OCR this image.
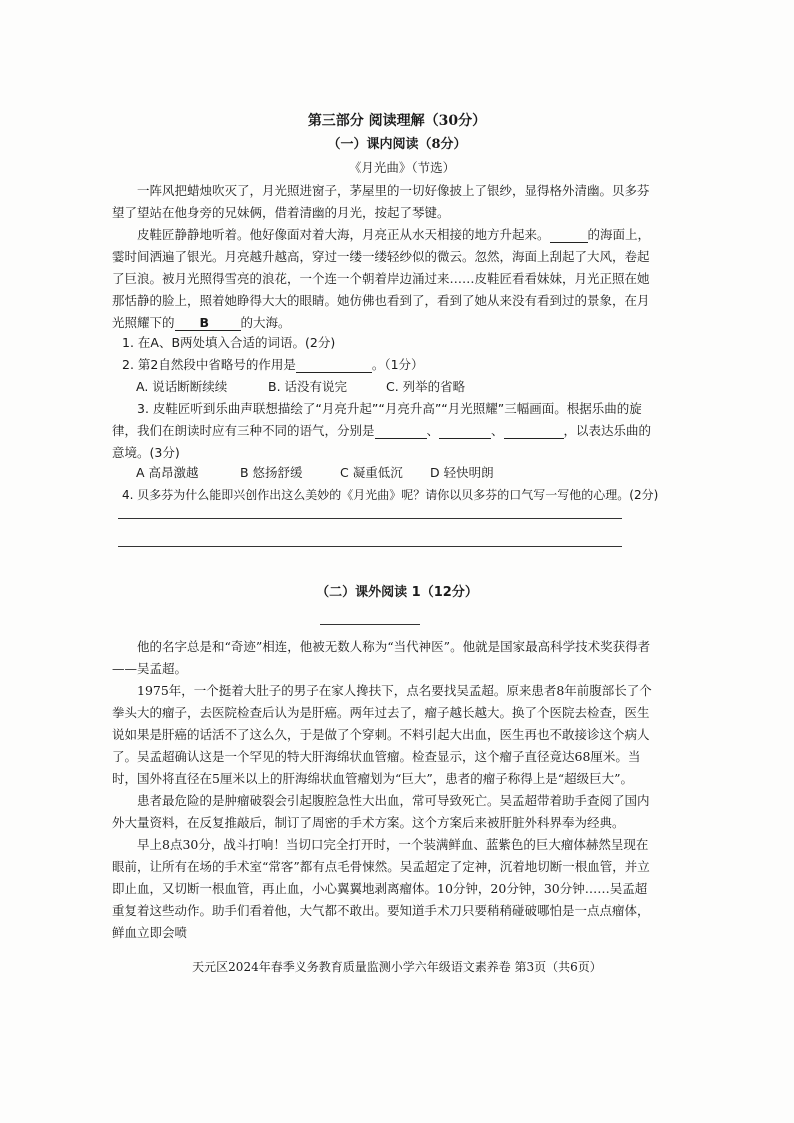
第三部分 阅读理解（30分）
（一）课内阅读（8分）
《月光曲》（节选）

一阵风把蜡烛吹灭了，月光照进窗子，茅屋里的一切好像披上了银纱，显得格外清幽。贝多芬望了望站在他身旁的兄妹俩，借着清幽的月光，按起了琴键。

皮鞋匠静静地听着。他好像面对着大海，月亮正从水天相接的地方升起来。	的海面上，霎时间洒遍了银光。月亮越升越高，穿过一缕一缕轻纱似的微云。忽然，海面上刮起了大风，卷起了巨浪。被月光照得雪亮的浪花，一个连一个朝着岸边涌过来……皮鞋匠看看妹妹，月光正照在她那恬静的脸上，照着她睁得大大的眼睛。她仿佛也看到了，看到了她从来没有看到过的景象，在月光照耀下的 B	的大海。

1. 在A、B两处填入合适的词语。(2分)
2. 第2自然段中省略号的作用是	。（1分）
A. 说话断断续续	B. 话没有说完	C. 列举的省略
3. 皮鞋匠听到乐曲声联想描绘了“月亮升起”“月亮升高”“月光照耀”三幅画面。根据乐曲的旋律，我们在朗读时应有三种不同的语气，分别是	、	、	，以表达乐曲的意境。(3分)
A 高昂激越	B 悠扬舒缓	C 凝重低沉 D 轻快明朗
4. 贝多芬为什么能即兴创作出这么美妙的《月光曲》呢？请你以贝多芬的口气写一写他的心理。(2分)
（二）课外阅读 1（12分）

他的名字总是和“奇迹”相连，他被无数人称为“当代神医”。他就是国家最高科学技术奖获得者——吴孟超。

1975年，一个挺着大肚子的男子在家人搀扶下，点名要找吴孟超。原来患者8年前腹部长了个拳头大的瘤子，去医院检查后认为是肝癌。两年过去了，瘤子越长越大。换了个医院去检查，医生说如果是肝癌的话活不了这么久，于是做了个穿刺。不料引起大出血，医生再也不敢接诊这个病人了。 吴孟超确认这是一个罕见的特大肝海绵状血管瘤。检查显示，这个瘤子直径竟达68厘米。当时，国外将直径在5厘米以上的肝海绵状血管瘤划为“巨大”，患者的瘤子称得上是“超级巨大”。

患者最危险的是肿瘤破裂会引起腹腔急性大出血，常可导致死亡。吴孟超带着助手查阅了国内外大量资料，在反复推敲后，制订了周密的手术方案。这个方案后来被肝脏外科界奉为经典。

早上8点30分，战斗打响！当切口完全打开时，一个装满鲜血、蓝紫色的巨大瘤体赫然呈现在眼前，让所有在场的手术室“常客”都有点毛骨悚然。吴孟超定了定神，沉着地切断一根血管，并立即止血，又切断一根血管，再止血，小心翼翼地剥离瘤体。10分钟，20分钟，30分钟……吴孟超重复着这些动作。助手们看着他，大气都不敢出。要知道手术刀只要稍稍碰破哪怕是一点点瘤体，鲜血立即会喷

天元区2024年春季义务教育质量监测小学六年级语文素养卷 第3页（共6页）
